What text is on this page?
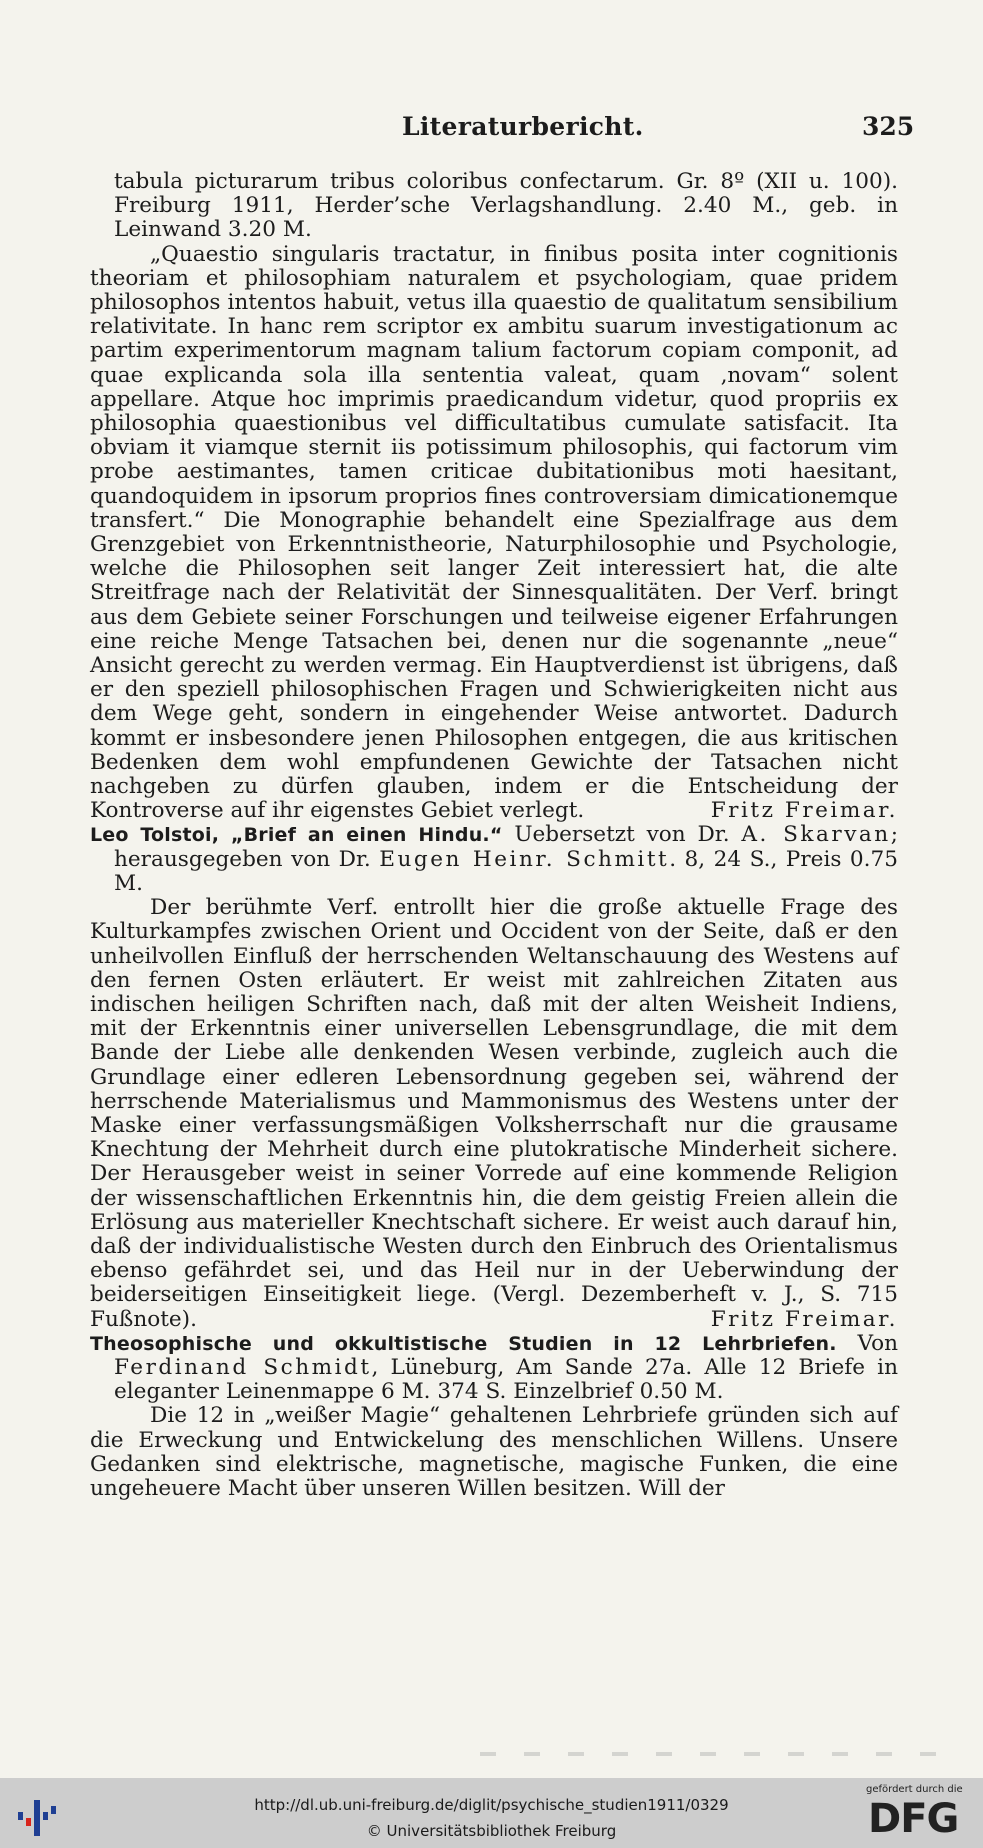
Literaturbericht.	325

tabula picturarum tribus coloribus confectarum. Gr. 8º (XII u. 100). Freiburg 1911, Herder’sche Verlagshandlung. 2.40 M., geb. in Leinwand 3.20 M.

„Quaestio singularis tractatur, in finibus posita inter cognitionis theoriam et philosophiam naturalem et psychologiam, quae pridem philosophos intentos habuit, vetus illa quaestio de qualitatum sensibilium relativitate. In hanc rem scriptor ex ambitu suarum investigationum ac partim experimentorum magnam talium factorum copiam componit, ad quae explicanda sola illa sententia valeat, quam ‚novam“ solent appellare. Atque hoc imprimis praedicandum videtur, quod propriis ex philosophia quaestionibus vel difficultatibus cumulate satisfacit. Ita obviam it viamque sternit iis potissimum philosophis, qui factorum vim probe aestimantes, tamen criticae dubitationibus moti haesitant, quandoquidem in ipsorum proprios fines controversiam dimicationemque transfert.“ Die Monographie behandelt eine Spezialfrage aus dem Grenzgebiet von Erkenntnistheorie, Naturphilosophie und Psychologie, welche die Philosophen seit langer Zeit interessiert hat, die alte Streitfrage nach der Relativität der Sinnesqualitäten. Der Verf. bringt aus dem Gebiete seiner Forschungen und teilweise eigener Erfahrungen eine reiche Menge Tatsachen bei, denen nur die sogenannte „neue“ Ansicht gerecht zu werden vermag. Ein Hauptverdienst ist übrigens, daß er den speziell philosophischen Fragen und Schwierigkeiten nicht aus dem Wege geht, sondern in eingehender Weise antwortet. Dadurch kommt er insbesondere jenen Philosophen entgegen, die aus kritischen Bedenken dem wohl empfundenen Gewichte der Tatsachen nicht nachgeben zu dürfen glauben, indem er die Entscheidung der Kontroverse auf ihr eigenstes Gebiet verlegt.	Fritz Freimar.

Leo Tolstoi, „Brief an einen Hindu.“ Uebersetzt von Dr. A. Skarvan; herausgegeben von Dr. Eugen Heinr. Schmitt. 8, 24 S., Preis 0.75 M.

Der berühmte Verf. entrollt hier die große aktuelle Frage des Kulturkampfes zwischen Orient und Occident von der Seite, daß er den unheilvollen Einfluß der herrschenden Weltanschauung des Westens auf den fernen Osten erläutert. Er weist mit zahlreichen Zitaten aus indischen heiligen Schriften nach, daß mit der alten Weisheit Indiens, mit der Erkenntnis einer universellen Lebensgrundlage, die mit dem Bande der Liebe alle denkenden Wesen verbinde, zugleich auch die Grundlage einer edleren Lebensordnung gegeben sei, während der herrschende Materialismus und Mammonismus des Westens unter der Maske einer verfassungsmäßigen Volksherrschaft nur die grausame Knechtung der Mehrheit durch eine plutokratische Minderheit sichere. Der Herausgeber weist in seiner Vorrede auf eine kommende Religion der wissenschaftlichen Erkenntnis hin, die dem geistig Freien allein die Erlösung aus materieller Knechtschaft sichere. Er weist auch darauf hin, daß der individualistische Westen durch den Einbruch des Orientalismus ebenso gefährdet sei, und das Heil nur in der Ueberwindung der beiderseitigen Einseitigkeit liege. (Vergl. Dezemberheft v. J., S. 715 Fußnote).	Fritz Freimar.

Theosophische und okkultistische Studien in 12 Lehrbriefen. Von Ferdinand Schmidt, Lüneburg, Am Sande 27a. Alle 12 Briefe in eleganter Leinenmappe 6 M. 374 S. Einzelbrief 0.50 M.

Die 12 in „weißer Magie“ gehaltenen Lehrbriefe gründen sich auf die Erweckung und Entwickelung des menschlichen Willens. Unsere Gedanken sind elektrische, magnetische, magische Funken, die eine ungeheuere Macht über unseren Willen besitzen. Will der

http://dl.ub.uni-freiburg.de/diglit/psychische_studien1911/0329
© Universitätsbibliothek Freiburg
gefördert durch die
DFG
